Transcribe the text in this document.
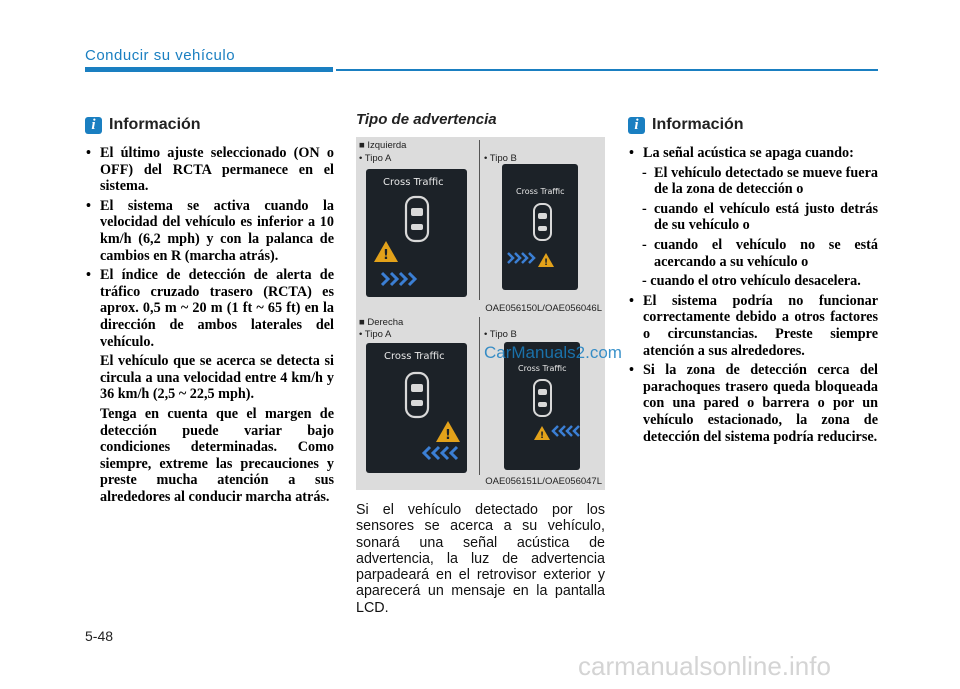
Conducir su vehículo
i Información
• El último ajuste seleccionado (ON o OFF) del RCTA permanece en el sistema.
• El sistema se activa cuando la velocidad del vehículo es inferior a 10 km/h (6,2 mph) y con la palanca de cambios en R (marcha atrás).
• El índice de detección de alerta de tráfico cruzado trasero (RCTA) es aprox. 0,5 m ~ 20 m (1 ft ~ 65 ft) en la dirección de ambos laterales del vehículo.
El vehículo que se acerca se detecta si circula a una velocidad entre 4 km/h y 36 km/h (2,5 ~ 22,5 mph).
Tenga en cuenta que el margen de detección puede variar bajo condiciones determinadas. Como siempre, extreme las precauciones y preste mucha atención a sus alrededores al conducir marcha atrás.
Tipo de advertencia
■ Izquierda
• Tipo A	• Tipo B
Cross Traffic
!
Cross Traffic
!
OAE056150L/OAE056046L
■ Derecha
• Tipo A	• Tipo B
Cross Traffic
!
Cross Traffic
!
OAE056151L/OAE056047L
CarManuals2.com
Si el vehículo detectado por los sensores se acerca a su vehículo, sonará una señal acústica de advertencia, la luz de advertencia parpadeará en el retrovisor exterior y aparecerá un mensaje en la pantalla LCD.
i Información
• La señal acústica se apaga cuando:
- El vehículo detectado se mueve fuera de la zona de detección o
- cuando el vehículo está justo detrás de su vehículo o
- cuando el vehículo no se está acercando a su vehículo o
- cuando el otro vehículo desacelera.
• El sistema podría no funcionar correctamente debido a otros factores o circunstancias. Preste siempre atención a sus alrededores.
• Si la zona de detección cerca del parachoques trasero queda bloqueada con una pared o barrera o por un vehículo estacionado, la zona de detección del sistema podría reducirse.
5-48
carmanualsonline.info
